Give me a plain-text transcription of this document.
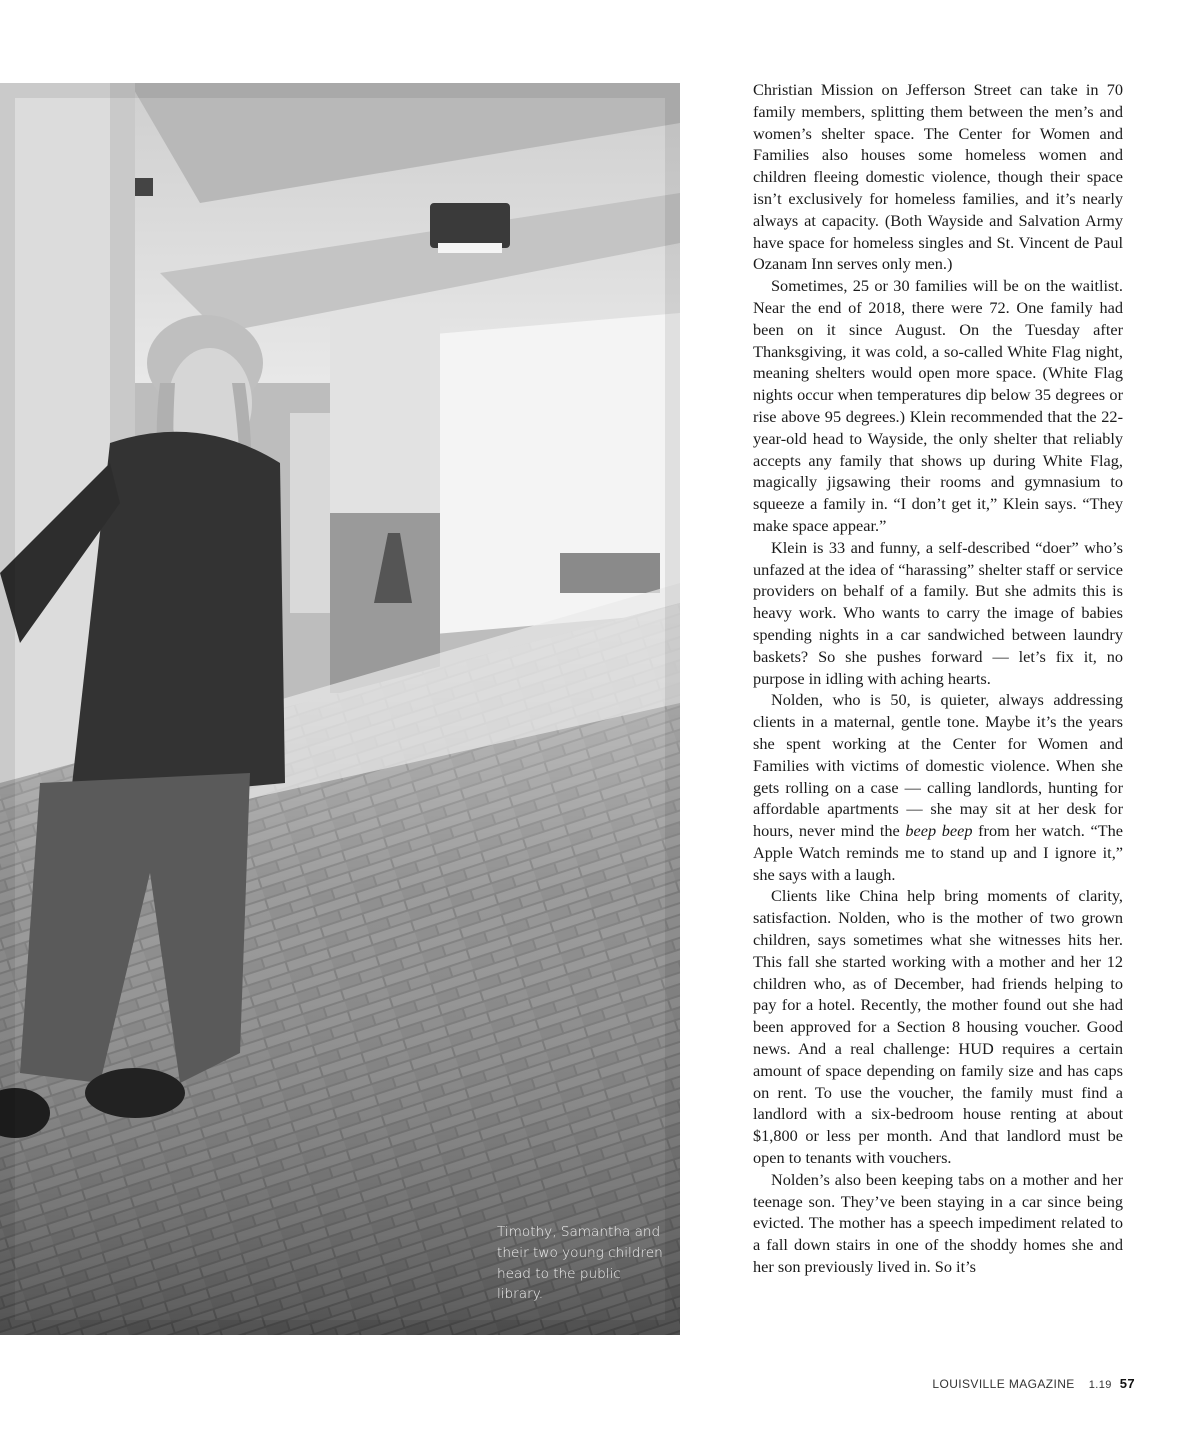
Timothy, Samantha and their two young children head to the public library.

Christian Mission on Jefferson Street can take in 70 family members, splitting them between the men’s and women’s shelter space. The Center for Women and Families also houses some homeless women and children fleeing domestic violence, though their space isn’t exclusively for homeless families, and it’s nearly always at capacity. (Both Wayside and Salvation Army have space for homeless singles and St. Vincent de Paul Ozanam Inn serves only men.)

Sometimes, 25 or 30 families will be on the waitlist. Near the end of 2018, there were 72. One family had been on it since August. On the Tuesday after Thanksgiving, it was cold, a so-called White Flag night, meaning shelters would open more space. (White Flag nights occur when temperatures dip below 35 degrees or rise above 95 degrees.) Klein recommended that the 22-year-old head to Wayside, the only shelter that reliably accepts any family that shows up during White Flag, magically jigsawing their rooms and gymnasium to squeeze a family in. “I don’t get it,” Klein says. “They make space appear.”

Klein is 33 and funny, a self-described “doer” who’s unfazed at the idea of “harassing” shelter staff or service providers on behalf of a family. But she admits this is heavy work. Who wants to carry the image of babies spending nights in a car sandwiched between laundry baskets? So she pushes forward — let’s fix it, no purpose in idling with aching hearts.

Nolden, who is 50, is quieter, always addressing clients in a maternal, gentle tone. Maybe it’s the years she spent working at the Center for Women and Families with victims of domestic violence. When she gets rolling on a case — calling landlords, hunting for affordable apartments — she may sit at her desk for hours, never mind the beep beep from her watch. “The Apple Watch reminds me to stand up and I ignore it,” she says with a laugh.

Clients like China help bring moments of clarity, satisfaction. Nolden, who is the mother of two grown children, says sometimes what she witnesses hits her. This fall she started working with a mother and her 12 children who, as of December, had friends helping to pay for a hotel. Recently, the mother found out she had been approved for a Section 8 housing voucher. Good news. And a real challenge: HUD requires a certain amount of space depending on family size and has caps on rent. To use the voucher, the family must find a landlord with a six-bedroom house renting at about $1,800 or less per month. And that landlord must be open to tenants with vouchers.

Nolden’s also been keeping tabs on a mother and her teenage son. They’ve been staying in a car since being evicted. The mother has a speech impediment related to a fall down stairs in one of the shoddy homes she and her son previously lived in. So it’s

LOUISVILLE MAGAZINE 1.19 57
